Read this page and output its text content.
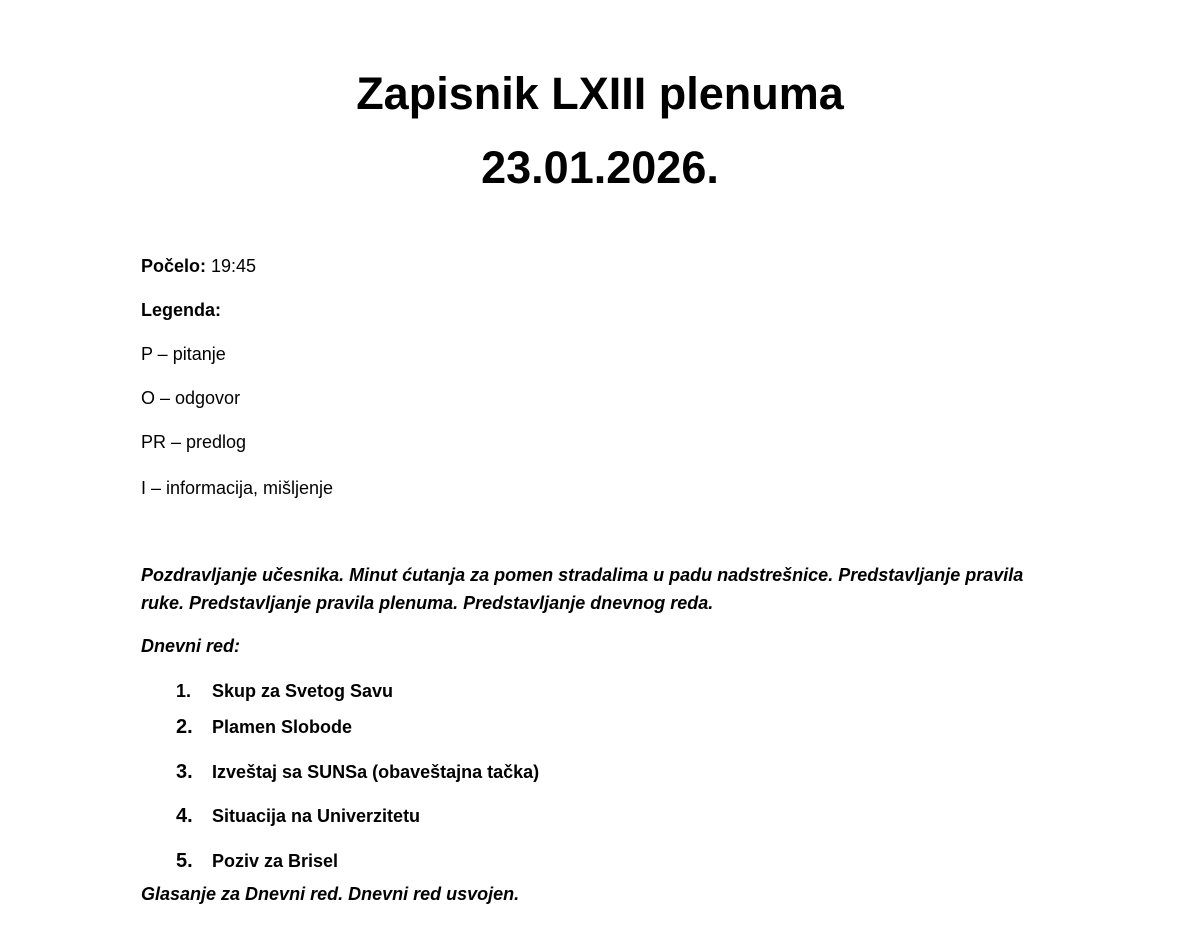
Zapisnik LXIII plenuma
23.01.2026.
Počelo: 19:45
Legenda:
P – pitanje
O – odgovor
PR – predlog
I – informacija, mišljenje
Pozdravljanje učesnika. Minut ćutanja za pomen stradalima u padu nadstrešnice. Predstavljanje pravila ruke. Predstavljanje pravila plenuma. Predstavljanje dnevnog reda.
Dnevni red:
1. Skup za Svetog Savu
2. Plamen Slobode
3. Izveštaj sa SUNSa (obaveštajna tačka)
4. Situacija na Univerzitetu
5. Poziv za Brisel
Glasanje za Dnevni red. Dnevni red usvojen.
